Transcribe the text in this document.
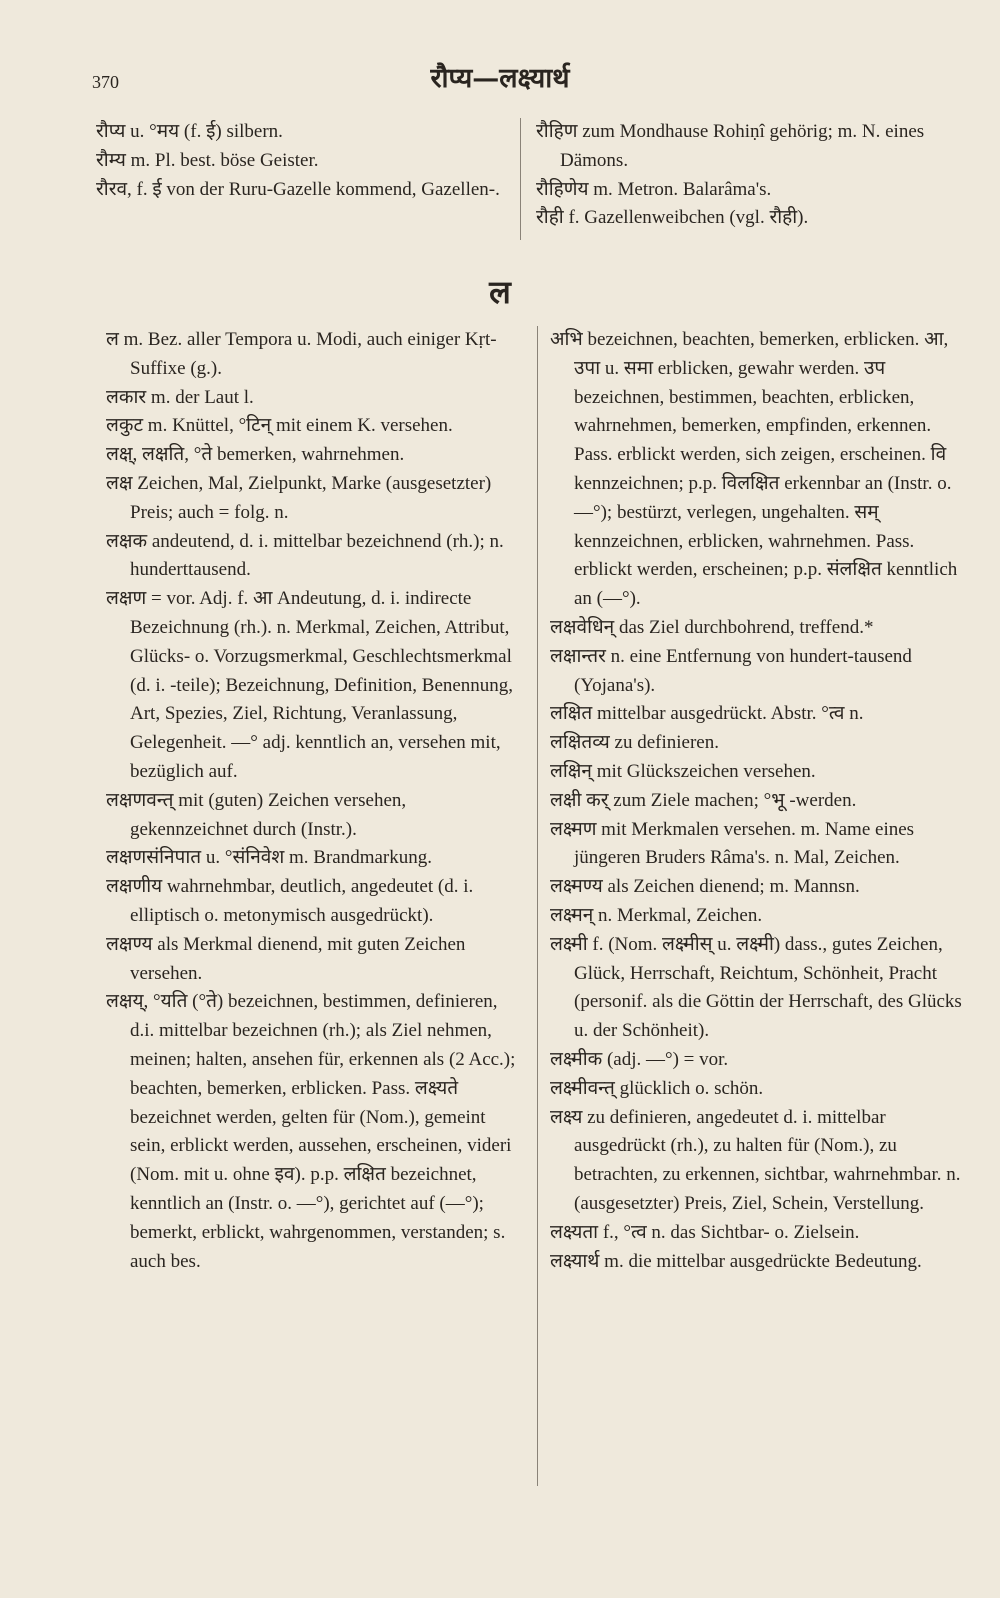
370	रौप्य—लक्ष्यार्थ

रौप्य u. °मय (f. ई) silbern.

रौम्य m. Pl. best. böse Geister.

रौरव, f. ई von der Ruru-Gazelle kommend, Gazellen-.

रौहिण zum Mondhause Rohiṇî gehörig; m. N. eines Dämons.

रौहिणेय m. Metron. Balarâma's.

रौही f. Gazellenweibchen (vgl. रौही).

ल

ल m. Bez. aller Tempora u. Modi, auch einiger Kṛt-Suffixe (g.).

लकार m. der Laut l.

लकुट m. Knüttel, °टिन् mit einem K. versehen.

लक्ष्, लक्षति, °ते bemerken, wahrnehmen.

लक्ष Zeichen, Mal, Zielpunkt, Marke (ausgesetzter) Preis; auch = folg. n.

लक्षक andeutend, d. i. mittelbar bezeichnend (rh.); n. hunderttausend.

लक्षण = vor. Adj. f. आ Andeutung, d. i. indirecte Bezeichnung (rh.). n. Merkmal, Zeichen, Attribut, Glücks- o. Vorzugsmerkmal, Geschlechtsmerkmal (d. i. -teile); Bezeichnung, Definition, Benennung, Art, Spezies, Ziel, Richtung, Veranlassung, Gelegenheit. —° adj. kenntlich an, versehen mit, bezüglich auf.

लक्षणवन्त् mit (guten) Zeichen versehen, gekennzeichnet durch (Instr.).

लक्षणसंनिपात u. °संनिवेश m. Brandmarkung.

लक्षणीय wahrnehmbar, deutlich, angedeutet (d. i. elliptisch o. metonymisch ausgedrückt).

लक्षण्य als Merkmal dienend, mit guten Zeichen versehen.

लक्षय्, °यति (°ते) bezeichnen, bestimmen, definieren, d.i. mittelbar bezeichnen (rh.); als Ziel nehmen, meinen; halten, ansehen für, erkennen als (2 Acc.); beachten, bemerken, erblicken. Pass. लक्ष्यते bezeichnet werden, gelten für (Nom.), gemeint sein, erblickt werden, aussehen, erscheinen, videri (Nom. mit u. ohne इव). p.p. लक्षित bezeichnet, kenntlich an (Instr. o. —°), gerichtet auf (—°); bemerkt, erblickt, wahrgenommen, verstanden; s. auch bes.

अभि bezeichnen, beachten, bemerken, erblicken. आ, उपा u. समा erblicken, gewahr werden. उप bezeichnen, bestimmen, beachten, erblicken, wahrnehmen, bemerken, empfinden, erkennen. Pass. erblickt werden, sich zeigen, erscheinen. वि kennzeichnen; p.p. विलक्षित erkennbar an (Instr. o. —°); bestürzt, verlegen, ungehalten. सम् kennzeichnen, erblicken, wahrnehmen. Pass. erblickt werden, erscheinen; p.p. संलक्षित kenntlich an (—°).

लक्षवेधिन् das Ziel durchbohrend, treffend.*

लक्षान्तर n. eine Entfernung von hundert-tausend (Yojana's).

लक्षित mittelbar ausgedrückt. Abstr. °त्व n.

लक्षितव्य zu definieren.

लक्षिन् mit Glückszeichen versehen.

लक्षी कर् zum Ziele machen; °भू -werden.

लक्ष्मण mit Merkmalen versehen. m. Name eines jüngeren Bruders Râma's. n. Mal, Zeichen.

लक्ष्मण्य als Zeichen dienend; m. Mannsn.

लक्ष्मन् n. Merkmal, Zeichen.

लक्ष्मी f. (Nom. लक्ष्मीस् u. लक्ष्मी) dass., gutes Zeichen, Glück, Herrschaft, Reichtum, Schönheit, Pracht (personif. als die Göttin der Herrschaft, des Glücks u. der Schönheit).

लक्ष्मीक (adj. —°) = vor.

लक्ष्मीवन्त् glücklich o. schön.

लक्ष्य zu definieren, angedeutet d. i. mittelbar ausgedrückt (rh.), zu halten für (Nom.), zu betrachten, zu erkennen, sichtbar, wahrnehmbar. n. (ausgesetzter) Preis, Ziel, Schein, Verstellung.

लक्ष्यता f., °त्व n. das Sichtbar- o. Zielsein.

लक्ष्यार्थ m. die mittelbar ausgedrückte Bedeutung.
